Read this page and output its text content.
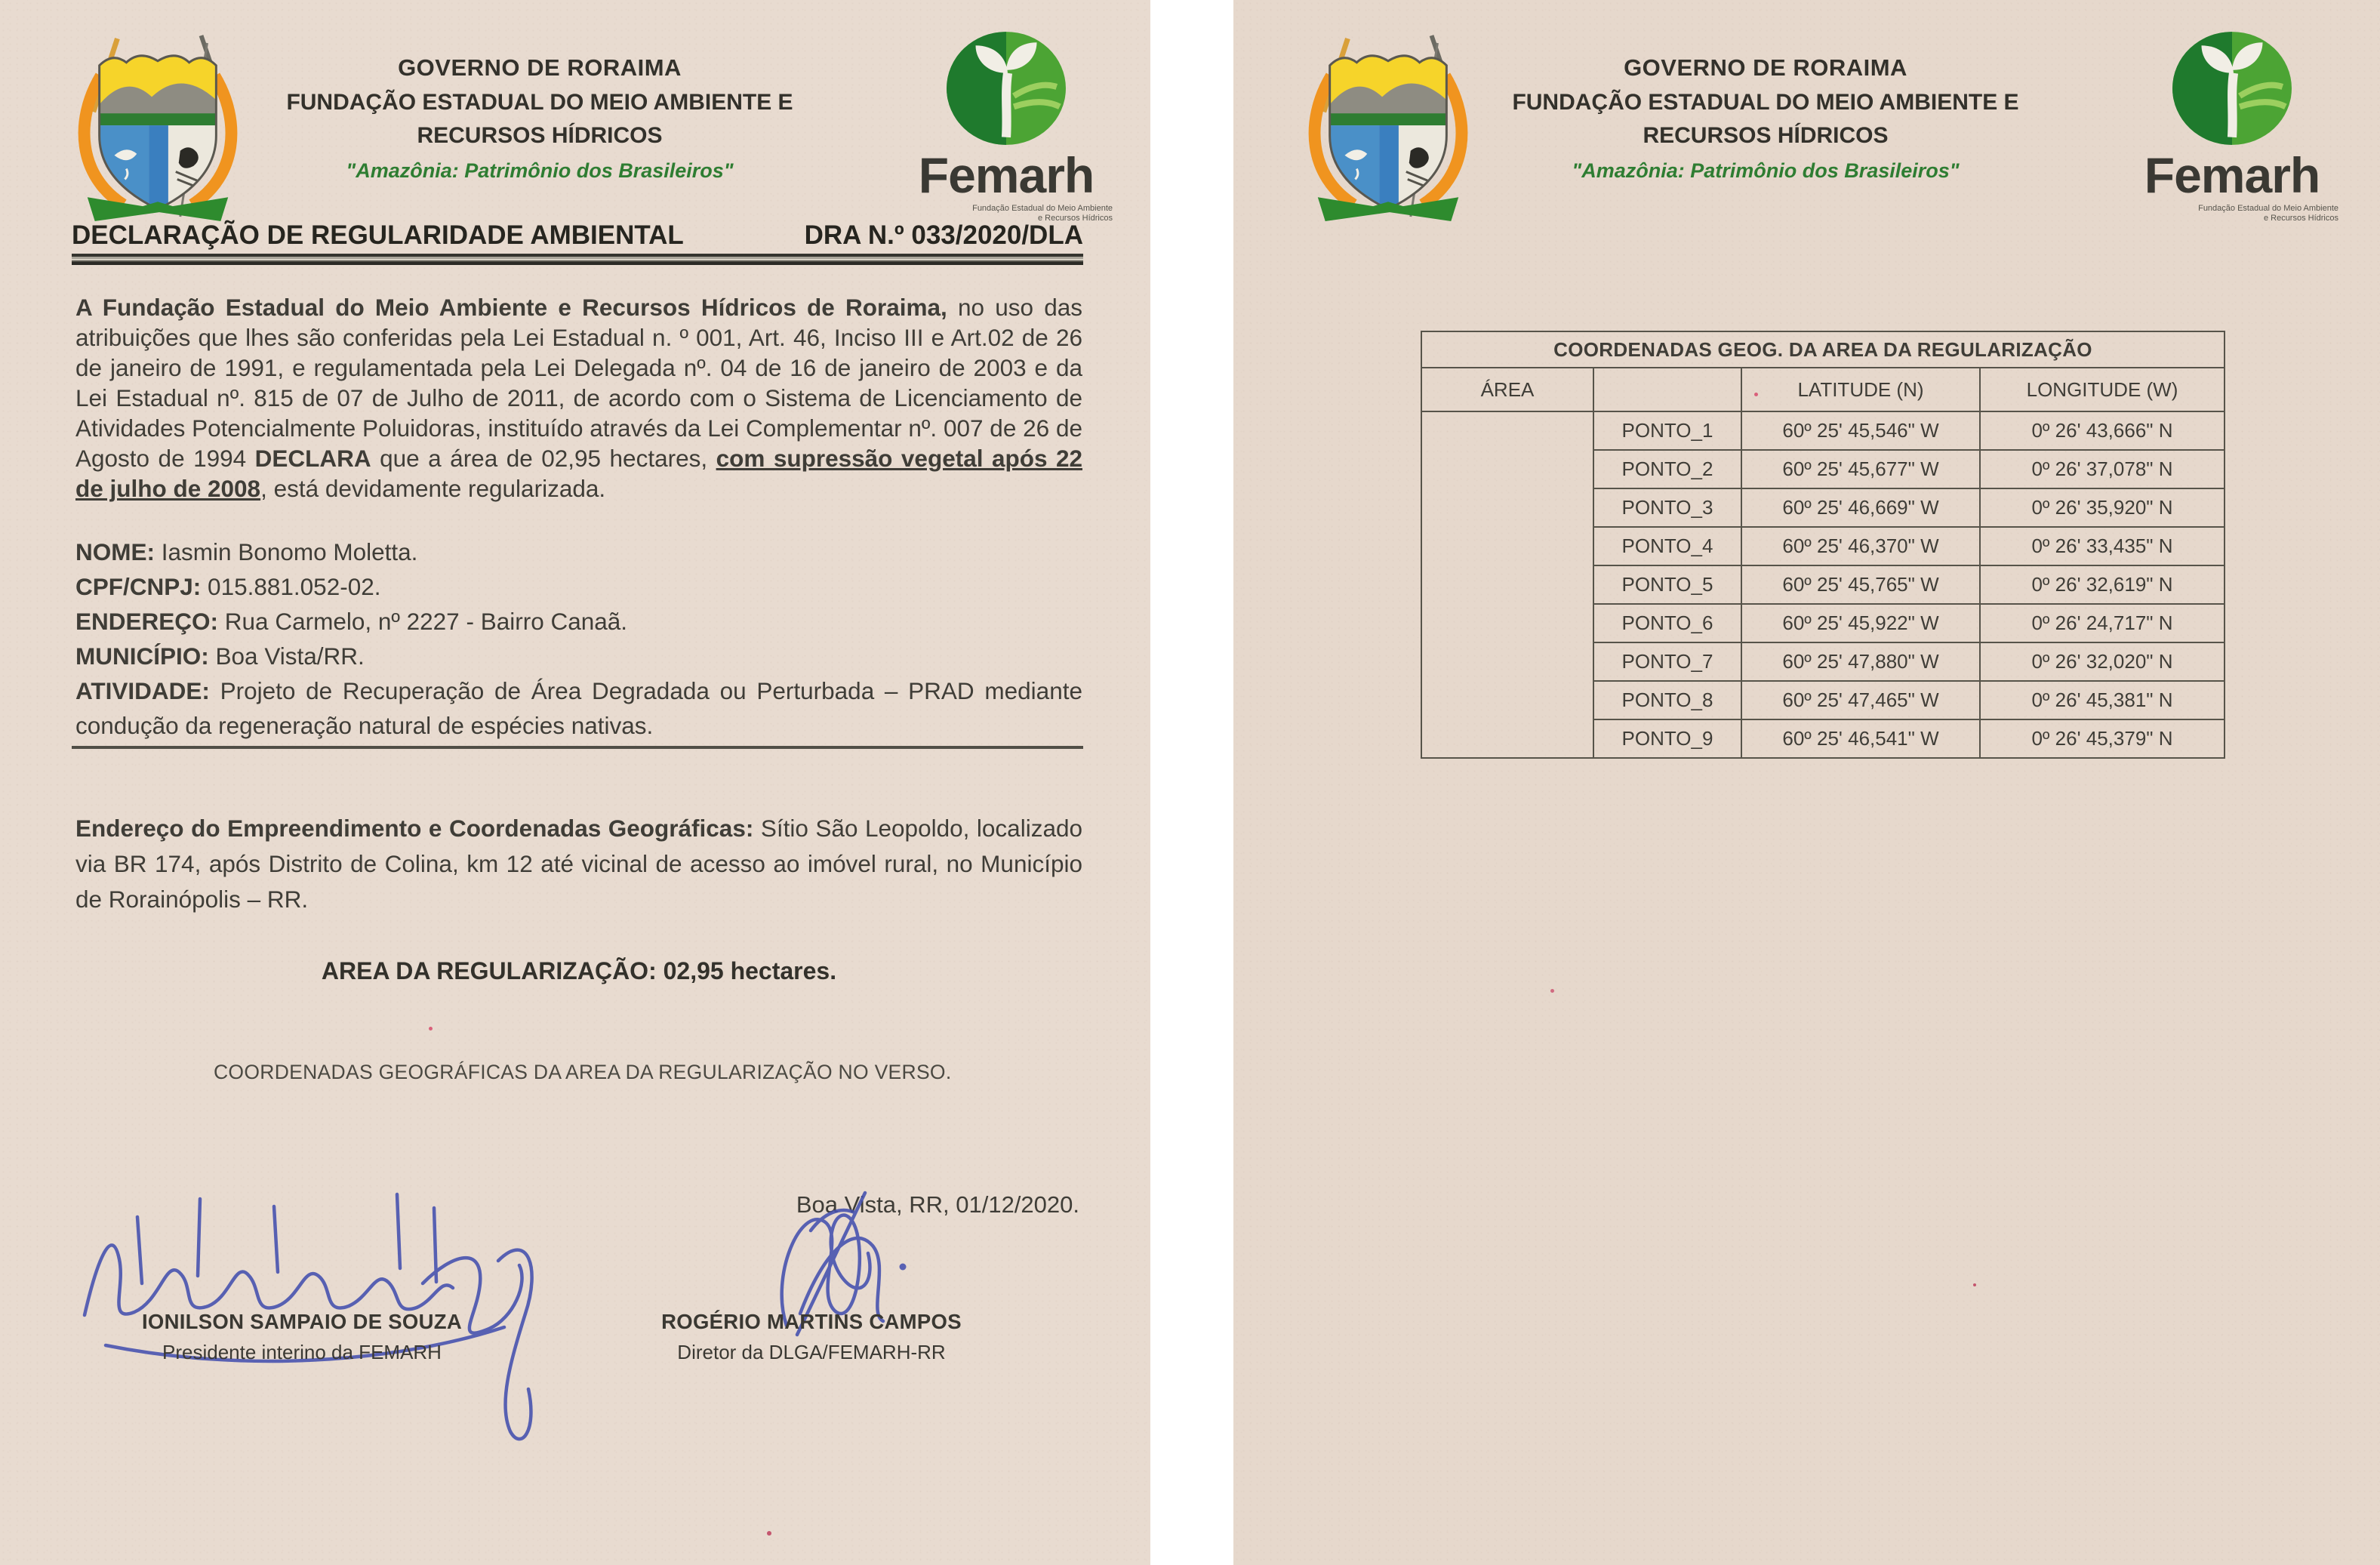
GOVERNO DE RORAIMA
FUNDAÇÃO ESTADUAL DO MEIO AMBIENTE E
RECURSOS HÍDRICOS
"Amazônia: Patrimônio dos Brasileiros"	Femarh
Fundação Estadual do Meio Ambiente
e Recursos Hídricos
DECLARAÇÃO DE REGULARIDADE AMBIENTAL	DRA N.º 033/2020/DLA

A Fundação Estadual do Meio Ambiente e Recursos Hídricos de Roraima, no uso das atribuições que lhes são conferidas pela Lei Estadual n. º 001, Art. 46, Inciso III e Art.02 de 26 de janeiro de 1991, e regulamentada pela Lei Delegada nº. 04 de 16 de janeiro de 2003 e da Lei Estadual nº. 815 de 07 de Julho de 2011, de acordo com o Sistema de Licenciamento de Atividades Potencialmente Poluidoras, instituído através da Lei Complementar nº. 007 de 26 de Agosto de 1994 DECLARA que a área de 02,95 hectares, com supressão vegetal após 22 de julho de 2008, está devidamente regularizada.

NOME: Iasmin Bonomo Moletta.
CPF/CNPJ: 015.881.052-02.
ENDEREÇO: Rua Carmelo, nº 2227 - Bairro Canaã.
MUNICÍPIO: Boa Vista/RR.
ATIVIDADE: Projeto de Recuperação de Área Degradada ou Perturbada – PRAD mediante condução da regeneração natural de espécies nativas.

Endereço do Empreendimento e Coordenadas Geográficas: Sítio São Leopoldo, localizado via BR 174, após Distrito de Colina, km 12 até vicinal de acesso ao imóvel rural, no Município de Rorainópolis – RR.

AREA DA REGULARIZAÇÃO: 02,95 hectares.
COORDENADAS GEOGRÁFICAS DA AREA DA REGULARIZAÇÃO NO VERSO.
Boa Vista, RR, 01/12/2020.
IONILSON SAMPAIO DE SOUZA
Presidente interino da FEMARH
ROGÉRIO MARTINS CAMPOS
Diretor da DLGA/FEMARH-RR
GOVERNO DE RORAIMA
FUNDAÇÃO ESTADUAL DO MEIO AMBIENTE E
RECURSOS HÍDRICOS
"Amazônia: Patrimônio dos Brasileiros"	Femarh
Fundação Estadual do Meio Ambiente
e Recursos Hídricos
COORDENADAS GEOG. DA AREA DA REGULARIZAÇÃO			
ÁREA		LATITUDE (N)	LONGITUDE (W)
	PONTO_1	60º 25' 45,546" W	0º 26' 43,666" N
	PONTO_2	60º 25' 45,677" W	0º 26' 37,078" N
	PONTO_3	60º 25' 46,669" W	0º 26' 35,920" N
	PONTO_4	60º 25' 46,370" W	0º 26' 33,435" N
	PONTO_5	60º 25' 45,765" W	0º 26' 32,619" N
	PONTO_6	60º 25' 45,922" W	0º 26' 24,717" N
	PONTO_7	60º 25' 47,880" W	0º 26' 32,020" N
	PONTO_8	60º 25' 47,465" W	0º 26' 45,381" N
	PONTO_9	60º 25' 46,541" W	0º 26' 45,379" N
